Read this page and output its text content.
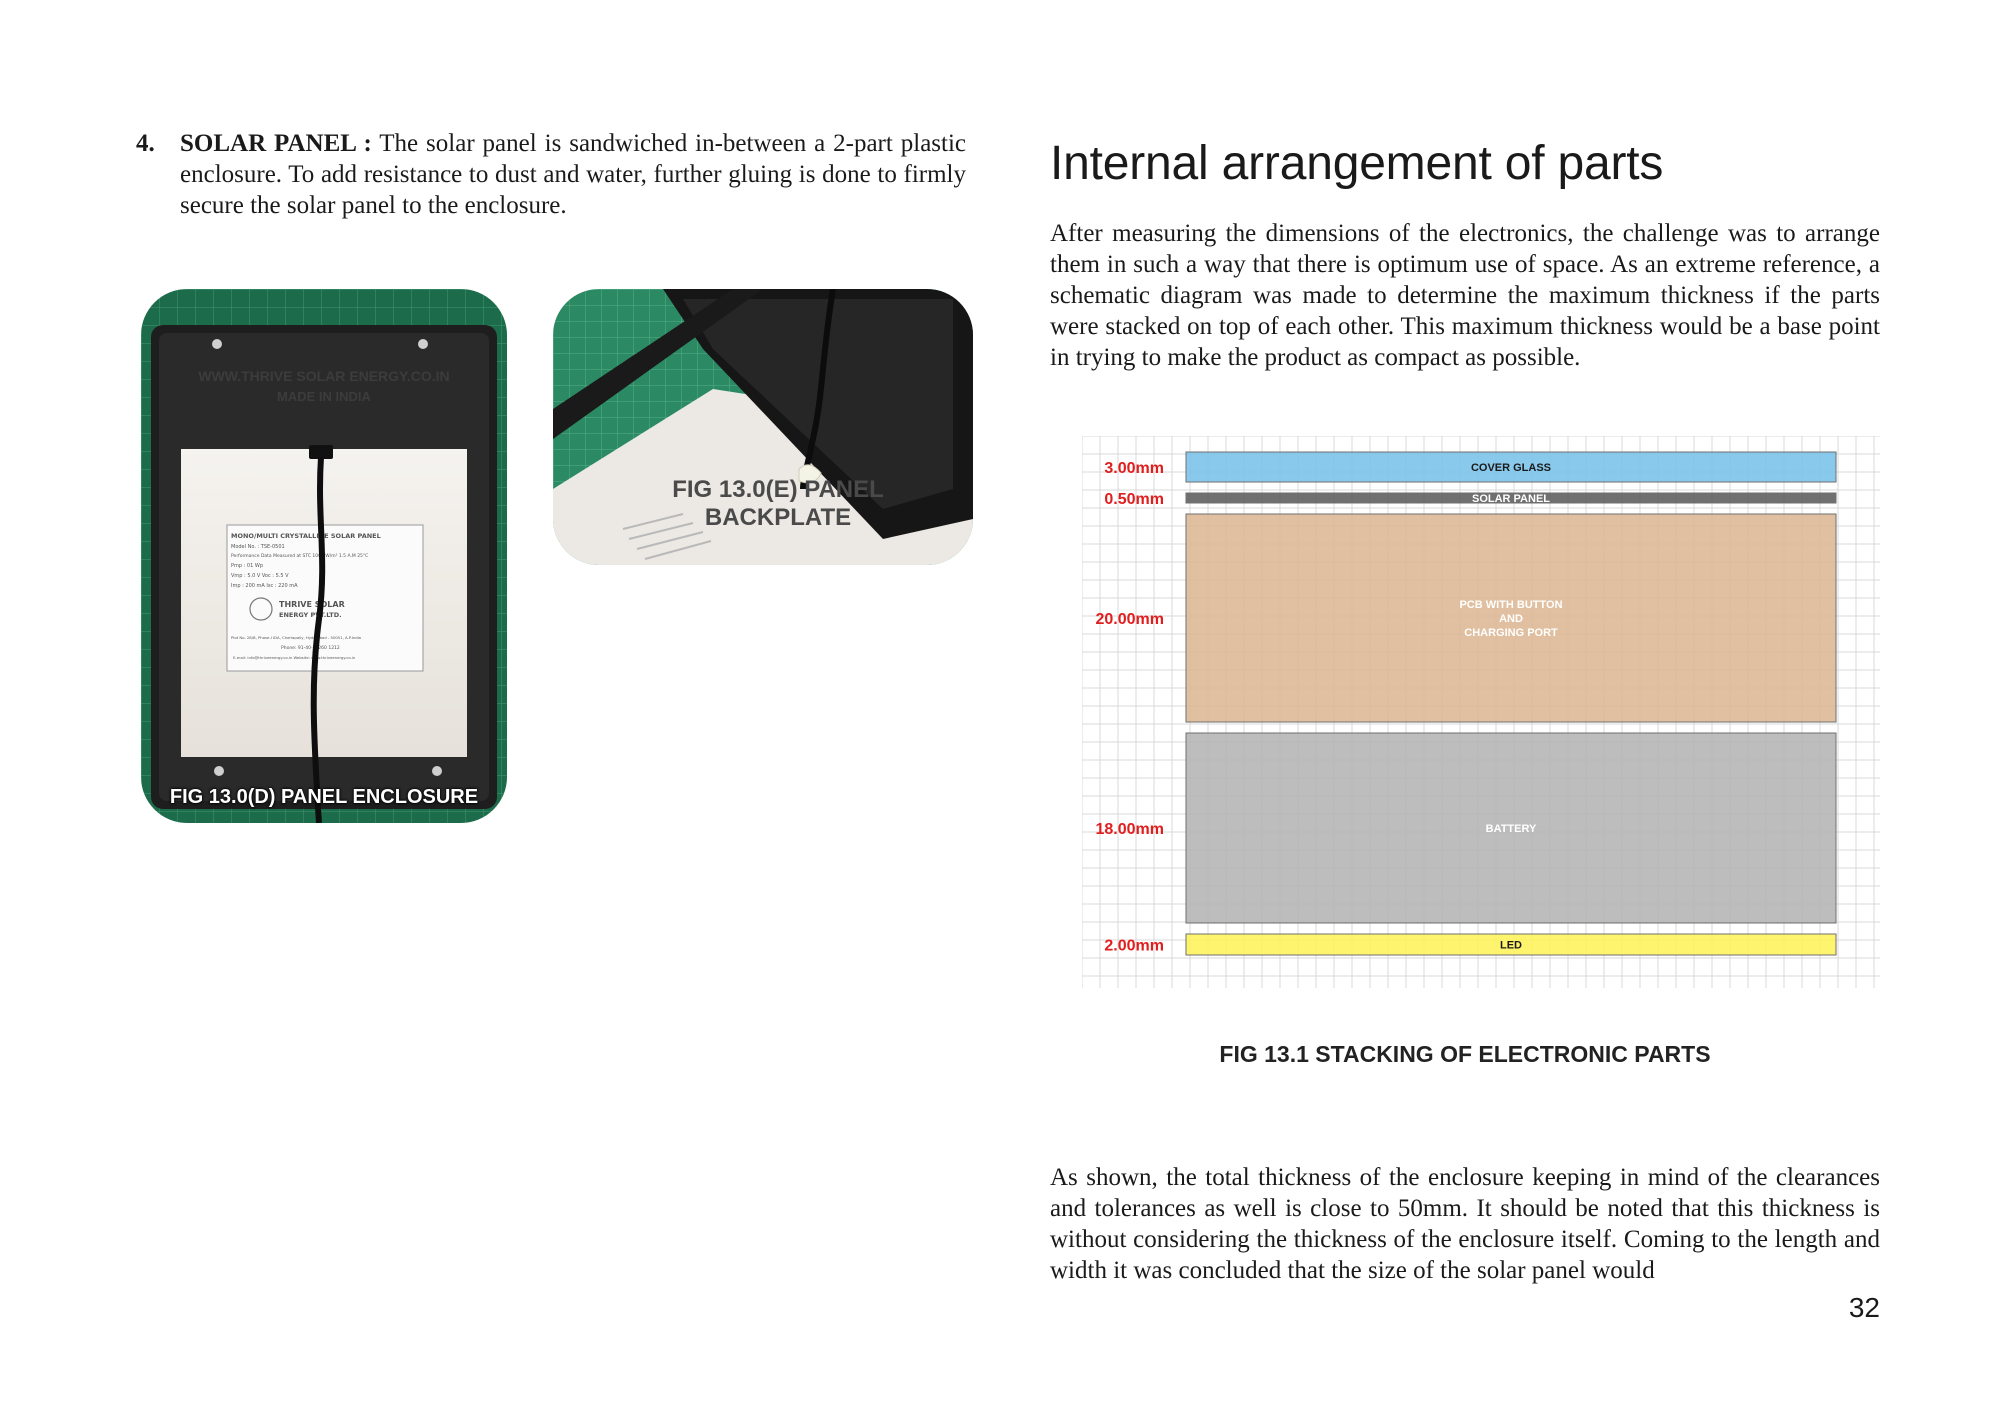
4. SOLAR PANEL : The solar panel is sandwiched in-between a 2-part plastic enclosure. To add resistance to dust and water, further gluing is done to firmly secure the solar panel to the enclosure.
WWW.THRIVE SOLAR ENERGY.CO.IN
MADE IN INDIA
MONO/MULTI CRYSTALLINE SOLAR PANEL
Model No. : TSE-0501
Performance Data Measured at STC 1000 W/m² 1.5 A.M 25°C
Pmp : 01 Wp
Vmp : 5.0 V Voc : 5.5 V
Imp : 200 mA Isc : 220 mA
THRIVE SOLAR
ENERGY PVT.LTD.
Plot No. 28/B, Phase-I IDA, Cherlapally, Hyderabad - 50051, A.P.India
Phone: 91-40-27260 1212
E-mail: info@thriveenergy.co.in Website: www.thriveenergy.co.in
FIG 13.0(D) PANEL ENCLOSURE
FIG 13.0(E) PANEL BACKPLATE
Internal arrangement of parts

After measuring the dimensions of the electronics, the challenge was to arrange them in such a way that there is optimum use of space. As an extreme reference, a schematic diagram was made to determine the maximum thickness if the parts were stacked on top of each other. This maximum thickness would be a base point in trying to make the product as compact as possible.

COVER GLASS
3.00mm
SOLAR PANEL
0.50mm
PCB WITH BUTTON
AND
CHARGING PORT
20.00mm
BATTERY
18.00mm
LED
2.00mm
FIG 13.1 STACKING OF ELECTRONIC PARTS

As shown, the total thickness of the enclosure keeping in mind of the clearances and tolerances as well is close to 50mm. It should be noted that this thickness is without considering the thickness of the enclosure itself. Coming to the length and width it was concluded that the size of the solar panel would

32
